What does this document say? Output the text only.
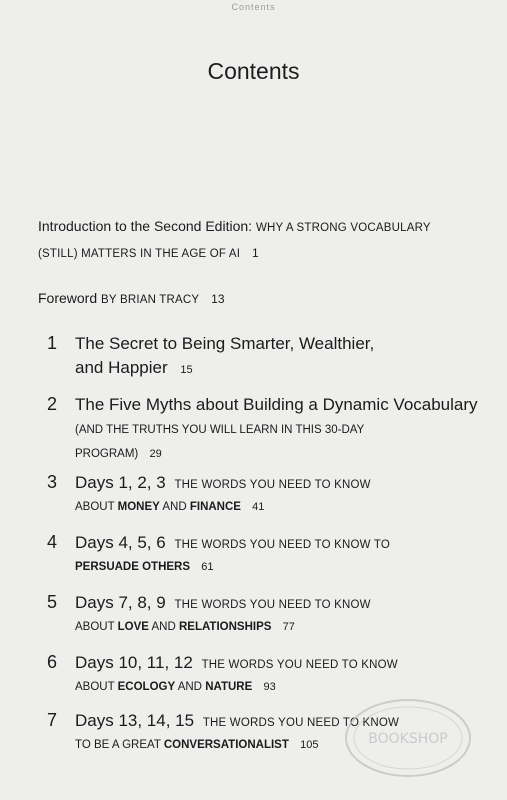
Contents
Contents
Introduction to the Second Edition: WHY A STRONG VOCABULARY
(STILL) MATTERS IN THE AGE OF AI 1
Foreword BY BRIAN TRACY 13
1	The Secret to Being Smarter, Wealthier,
and Happier 15
2	The Five Myths about Building a Dynamic Vocabulary
(AND THE TRUTHS YOU WILL LEARN IN THIS 30-DAY
PROGRAM) 29
3	Days 1, 2, 3 THE WORDS YOU NEED TO KNOW
ABOUT MONEY AND FINANCE 41
4	Days 4, 5, 6 THE WORDS YOU NEED TO KNOW TO
PERSUADE OTHERS 61
5	Days 7, 8, 9 THE WORDS YOU NEED TO KNOW
ABOUT LOVE AND RELATIONSHIPS 77
6	Days 10, 11, 12 THE WORDS YOU NEED TO KNOW
ABOUT ECOLOGY AND NATURE 93
7	Days 13, 14, 15 THE WORDS YOU NEED TO KNOW
TO BE A GREAT CONVERSATIONALIST 105	BOOKSHOP
